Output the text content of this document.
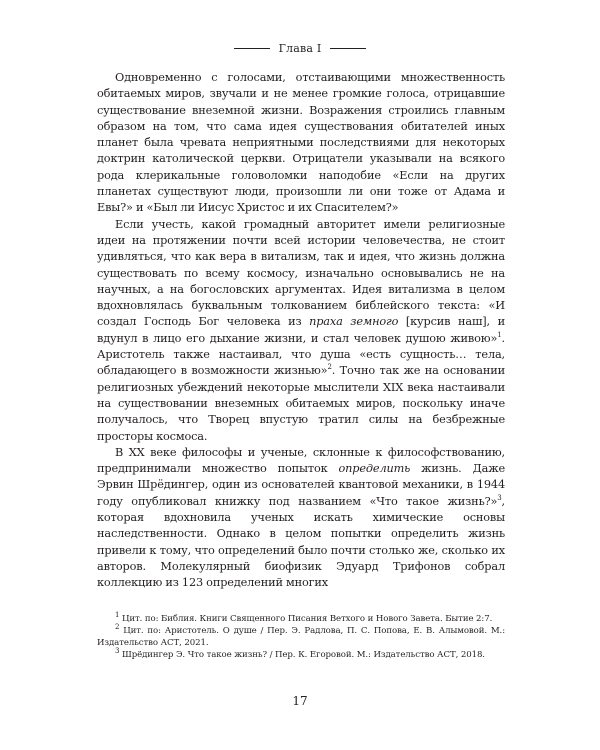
Глава I

Одновременно с голосами, отстаивающими множественность обитаемых миров, звучали и не менее громкие голоса, отрицавшие существование внеземной жизни. Возражения строились главным образом на том, что сама идея существования обитателей иных планет была чревата неприятными последствиями для некоторых доктрин католической церкви. Отрицатели указывали на всякого рода клерикальные головоломки наподобие «Если на других планетах существуют люди, произошли ли они тоже от Адама и Евы?» и «Был ли Иисус Христос и их Спасителем?»

Если учесть, какой громадный авторитет имели религиозные идеи на протяжении почти всей истории человечества, не стоит удивляться, что как вера в витализм, так и идея, что жизнь должна существовать по всему космосу, изначально основывались не на научных, а на богословских аргументах. Идея витализма в целом вдохновлялась буквальным толкованием библейского текста: «И создал Господь Бог человека из праха земного [курсив наш], и вдунул в лицо его дыхание жизни, и стал человек душою живою»$^1$. Аристотель также настаивал, что душа «есть сущность… тела, обладающего в возможности жизнью»$^2$. Точно так же на основании религиозных убеждений некоторые мыслители XIX века настаивали на существовании внеземных обитаемых миров, поскольку иначе получалось, что Творец впустую тратил силы на безбрежные просторы космоса.

В XX веке философы и ученые, склонные к философствованию, предпринимали множество попыток определить жизнь. Даже Эрвин Шрёдингер, один из основателей квантовой механики, в 1944 году опубликовал книжку под названием «Что такое жизнь?»$^3$, которая вдохновила ученых искать химические основы наследственности. Однако в целом попытки определить жизнь привели к тому, что определений было почти столько же, сколько их авторов. Молекулярный биофизик Эдуард Трифонов собрал коллекцию из 123 определений многих

$^1$ Цит. по: Библия. Книги Священного Писания Ветхого и Нового Завета. Бытие 2:7.

$^2$ Цит. по: Аристотель. О душе / Пер. Э. Радлова, П. С. Попова, Е. В. Алымовой. М.: Издательство АСТ, 2021.

$^3$ Шрёдингер Э. Что такое жизнь? / Пер. К. Егоровой. М.: Издательство АСТ, 2018.

17
